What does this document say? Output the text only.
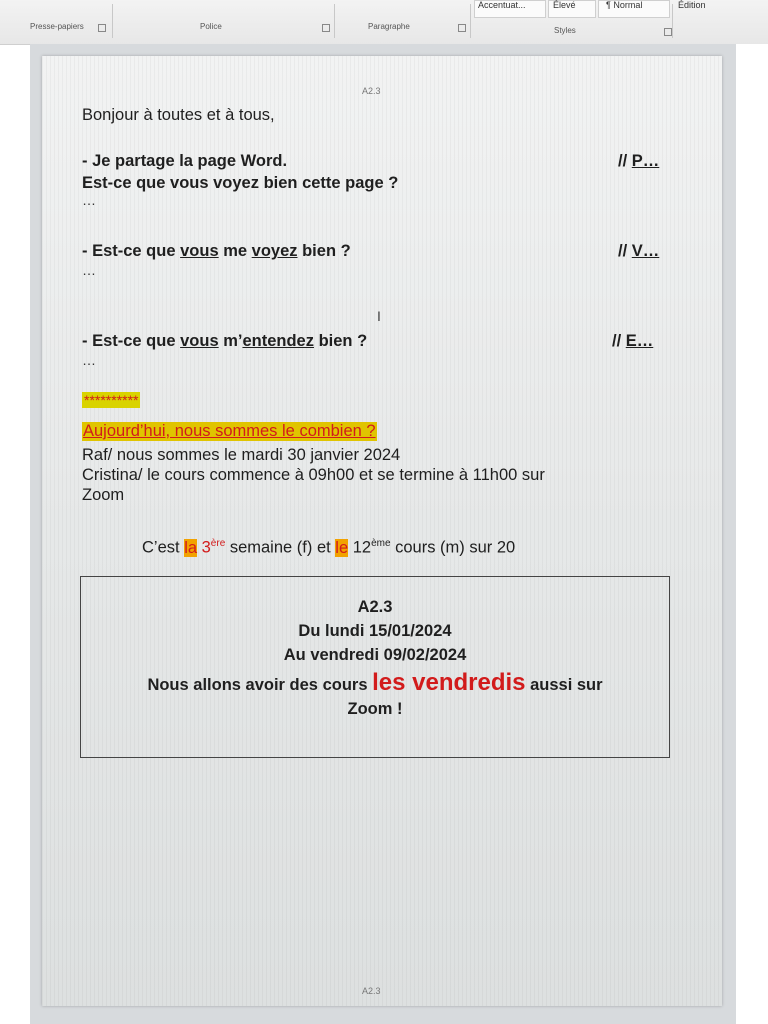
Presse-papiers	Police	Paragraphe
Accentuat...	Élevé	¶ Normal
Styles
Édition
A2.3
Bonjour à toutes et à tous,
- Je partage la page Word.	// P…
Est-ce que vous voyez bien cette page ?
…
- Est-ce que vous me voyez bien ?	// V…
…
I
- Est-ce que vous m’entendez bien ?	// E…
…
**********
Aujourd’hui, nous sommes le combien ?
Raf/ nous sommes le mardi 30 janvier 2024
Cristina/ le cours commence à 09h00 et se termine à 11h00 sur
Zoom
C’est la 3ère semaine (f) et le 12ème cours (m) sur 20
A2.3
Du lundi 15/01/2024
Au vendredi 09/02/2024
Nous allons avoir des cours les vendredis aussi sur
Zoom !
A2.3
